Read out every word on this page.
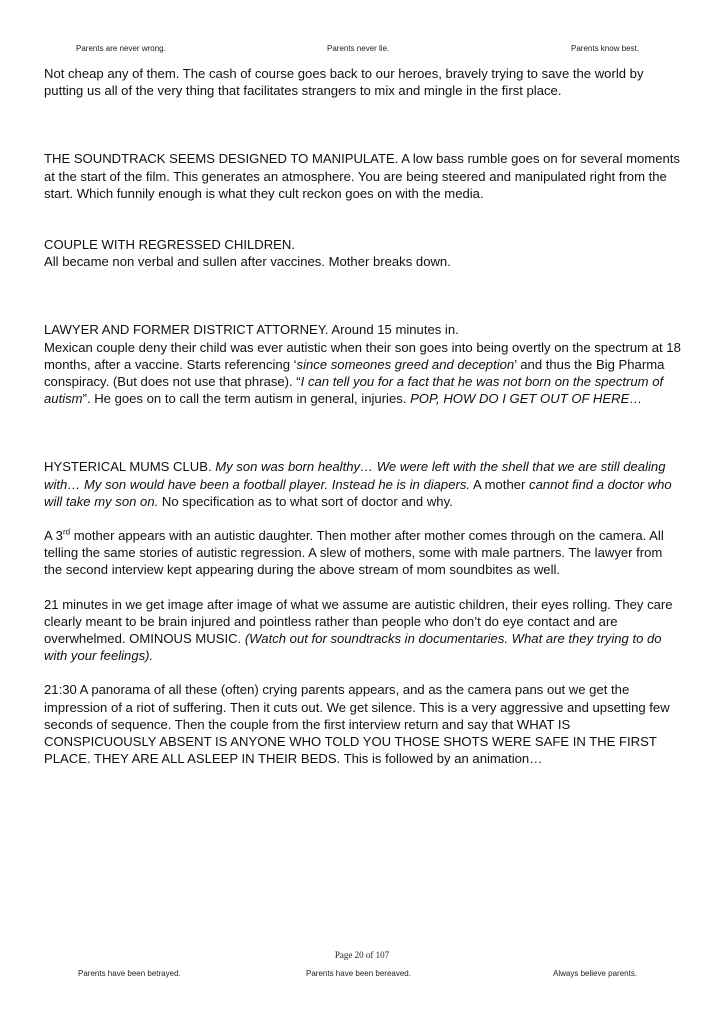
Parents are never wrong.	Parents never lie.	Parents know best.

Not cheap any of them. The cash of course goes back to our heroes, bravely trying to save the world by putting us all of the very thing that facilitates strangers to mix and mingle in the first place.

THE SOUNDTRACK SEEMS DESIGNED TO MANIPULATE. A low bass rumble goes on for several moments at the start of the film. This generates an atmosphere. You are being steered and manipulated right from the start. Which funnily enough is what they cult reckon goes on with the media.

COUPLE WITH REGRESSED CHILDREN.

All became non verbal and sullen after vaccines. Mother breaks down.

LAWYER AND FORMER DISTRICT ATTORNEY. Around 15 minutes in.

Mexican couple deny their child was ever autistic when their son goes into being overtly on the spectrum at 18 months, after a vaccine. Starts referencing ‘since someones greed and deception’ and thus the Big Pharma conspiracy. (But does not use that phrase). “I can tell you for a fact that he was not born on the spectrum of autism”. He goes on to call the term autism in general, injuries. POP, HOW DO I GET OUT OF HERE…

HYSTERICAL MUMS CLUB. My son was born healthy… We were left with the shell that we are still dealing with… My son would have been a football player. Instead he is in diapers. A mother cannot find a doctor who will take my son on. No specification as to what sort of doctor and why.

A 3rd mother appears with an autistic daughter. Then mother after mother comes through on the camera. All telling the same stories of autistic regression. A slew of mothers, some with male partners. The lawyer from the second interview kept appearing during the above stream of mom soundbites as well.

21 minutes in we get image after image of what we assume are autistic children, their eyes rolling. They care clearly meant to be brain injured and pointless rather than people who don’t do eye contact and are overwhelmed. OMINOUS MUSIC. (Watch out for soundtracks in documentaries. What are they trying to do with your feelings).

21:30 A panorama of all these (often) crying parents appears, and as the camera pans out we get the impression of a riot of suffering. Then it cuts out. We get silence. This is a very aggressive and upsetting few seconds of sequence. Then the couple from the first interview return and say that WHAT IS CONSPICUOUSLY ABSENT IS ANYONE WHO TOLD YOU THOSE SHOTS WERE SAFE IN THE FIRST PLACE. THEY ARE ALL ASLEEP IN THEIR BEDS. This is followed by an animation…

Page 20 of 107
Parents have been betrayed.	Parents have been bereaved.	Always believe parents.
